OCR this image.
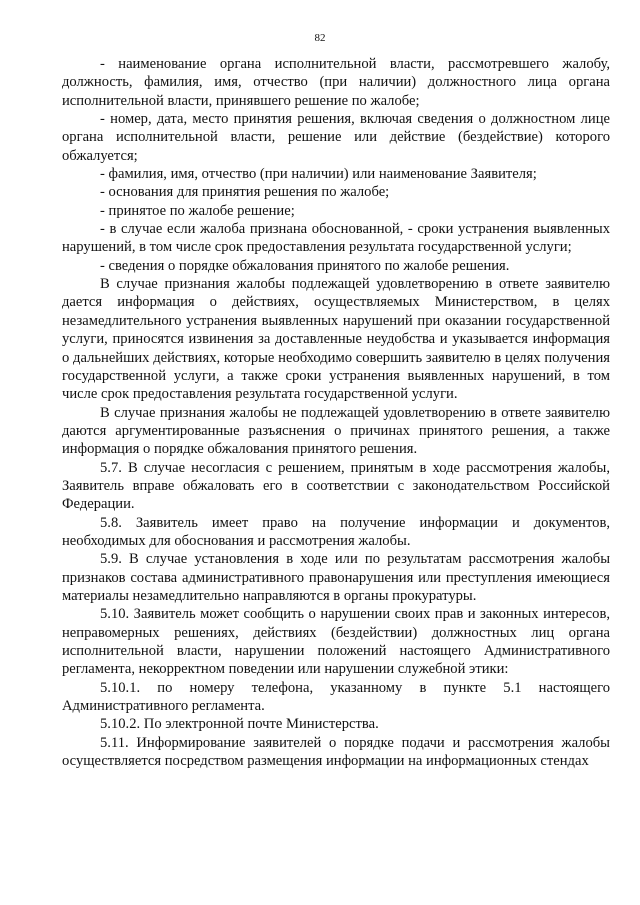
82

- наименование органа исполнительной власти, рассмотревшего жалобу, должность, фамилия, имя, отчество (при наличии) должностного лица органа исполнительной власти, принявшего решение по жалобе;

- номер, дата, место принятия решения, включая сведения о должностном лице органа исполнительной власти, решение или действие (бездействие) которого обжалуется;

- фамилия, имя, отчество (при наличии) или наименование Заявителя;

- основания для принятия решения по жалобе;

- принятое по жалобе решение;

- в случае если жалоба признана обоснованной, - сроки устранения выявленных нарушений, в том числе срок предоставления результата государственной услуги;

- сведения о порядке обжалования принятого по жалобе решения.

В случае признания жалобы подлежащей удовлетворению в ответе заявителю дается информация о действиях, осуществляемых Министерством, в целях незамедлительного устранения выявленных нарушений при оказании государственной услуги, приносятся извинения за доставленные неудобства и указывается информация о дальнейших действиях, которые необходимо совершить заявителю в целях получения государственной услуги, а также сроки устранения выявленных нарушений, в том числе срок предоставления результата государственной услуги.

В случае признания жалобы не подлежащей удовлетворению в ответе заявителю даются аргументированные разъяснения о причинах принятого решения, а также информация о порядке обжалования принятого решения.

5.7. В случае несогласия с решением, принятым в ходе рассмотрения жалобы, Заявитель вправе обжаловать его в соответствии с законодательством Российской Федерации.

5.8. Заявитель имеет право на получение информации и документов, необходимых для обоснования и рассмотрения жалобы.

5.9. В случае установления в ходе или по результатам рассмотрения жалобы признаков состава административного правонарушения или преступления имеющиеся материалы незамедлительно направляются в органы прокуратуры.

5.10. Заявитель может сообщить о нарушении своих прав и законных интересов, неправомерных решениях, действиях (бездействии) должностных лиц органа исполнительной власти, нарушении положений настоящего Административного регламента, некорректном поведении или нарушении служебной этики:

5.10.1. по номеру телефона, указанному в пункте 5.1 настоящего Административного регламента.

5.10.2. По электронной почте Министерства.

5.11. Информирование заявителей о порядке подачи и рассмотрения жалобы осуществляется посредством размещения информации на информационных стендах
